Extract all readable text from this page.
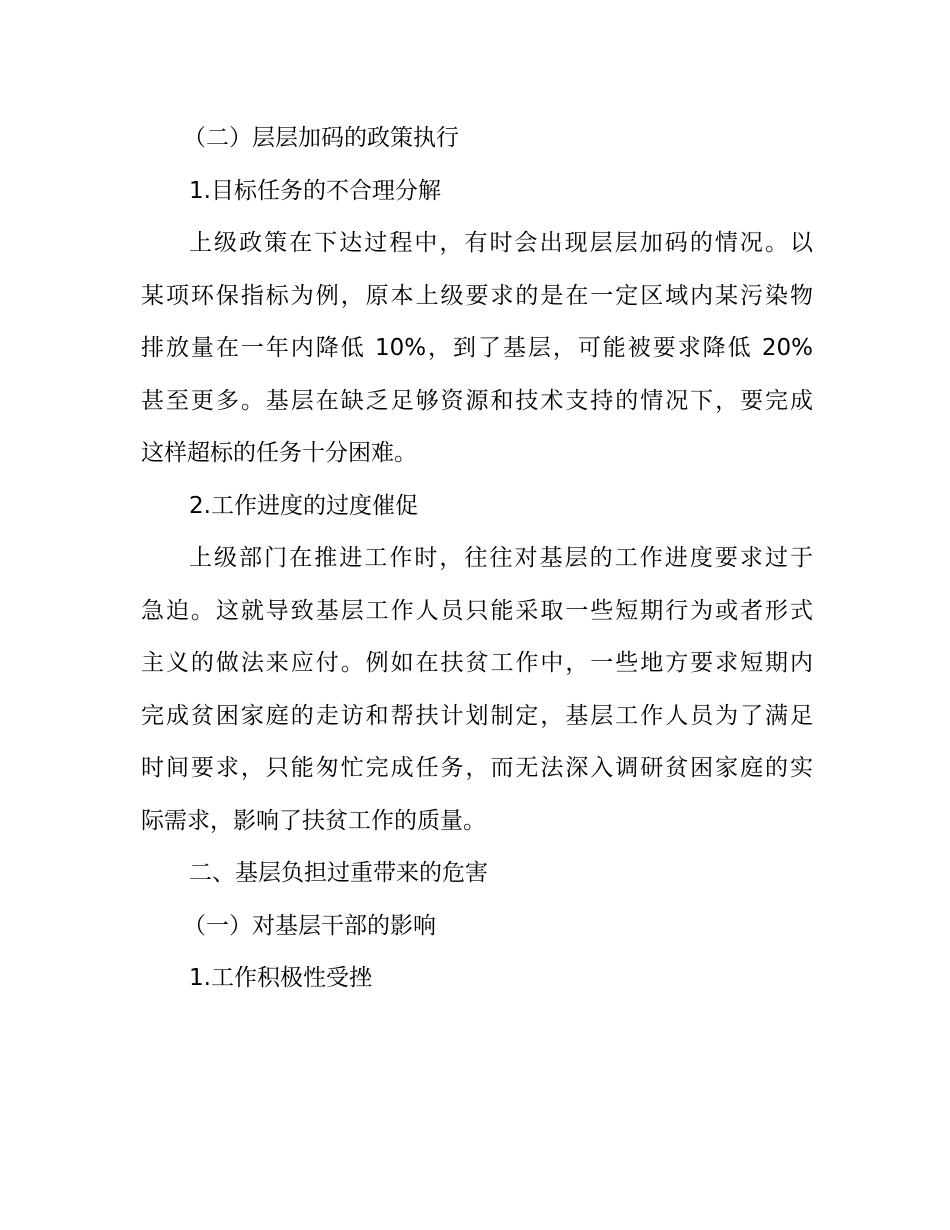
（二）层层加码的政策执行

1.目标任务的不合理分解

上级政策在下达过程中，有时会出现层层加码的情况。以
某项环保指标为例，原本上级要求的是在一定区域内某污染物
排放量在一年内降低 10%，到了基层，可能被要求降低 20%
甚至更多。基层在缺乏足够资源和技术支持的情况下，要完成
这样超标的任务十分困难。

2.工作进度的过度催促

上级部门在推进工作时，往往对基层的工作进度要求过于
急迫。这就导致基层工作人员只能采取一些短期行为或者形式
主义的做法来应付。例如在扶贫工作中，一些地方要求短期内
完成贫困家庭的走访和帮扶计划制定，基层工作人员为了满足
时间要求，只能匆忙完成任务，而无法深入调研贫困家庭的实
际需求，影响了扶贫工作的质量。

二、基层负担过重带来的危害

（一）对基层干部的影响

1.工作积极性受挫
